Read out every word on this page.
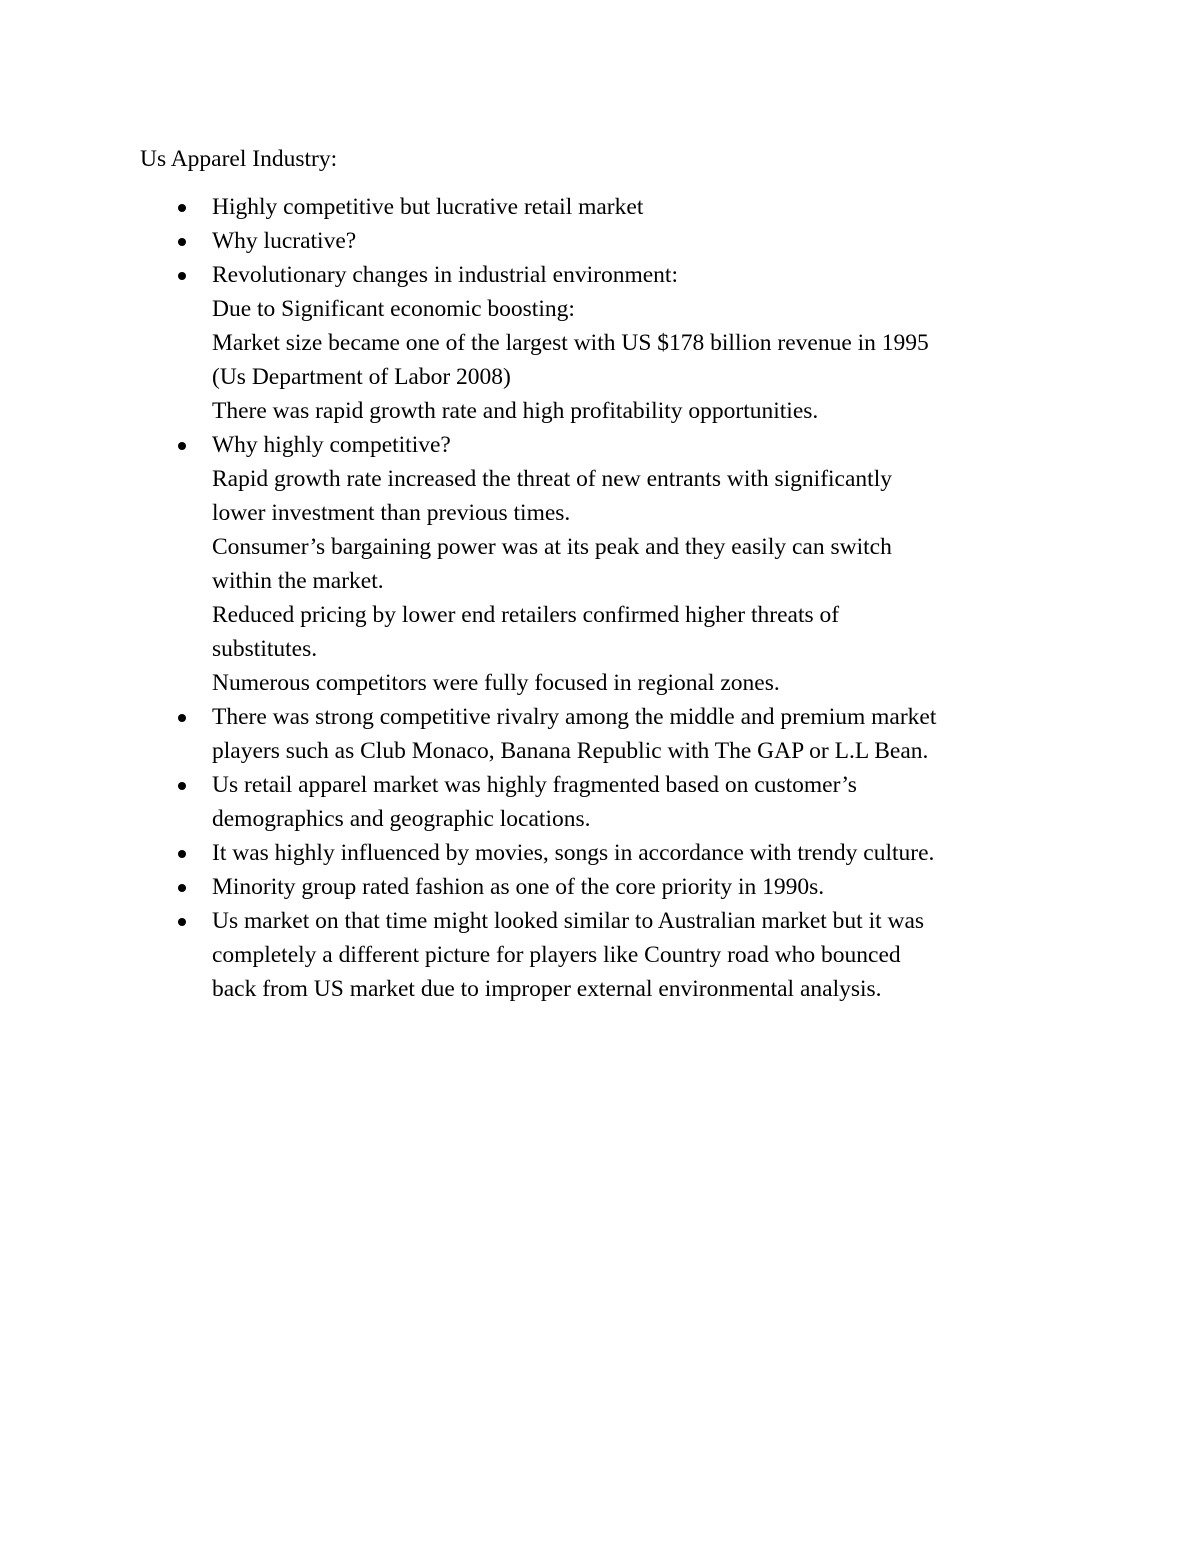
Us Apparel Industry:
Highly competitive but lucrative retail market
Why lucrative?
Revolutionary changes in industrial environment:
Due to Significant economic boosting:
Market size became one of the largest with US $178 billion revenue in 1995
(Us Department of Labor 2008)
There was rapid growth rate and high profitability opportunities.
Why highly competitive?
Rapid growth rate increased the threat of new entrants with significantly
lower investment than previous times.
Consumer’s bargaining power was at its peak and they easily can switch
within the market.
Reduced pricing by lower end retailers confirmed higher threats of
substitutes.
Numerous competitors were fully focused in regional zones.
There was strong competitive rivalry among the middle and premium market
players such as Club Monaco, Banana Republic with The GAP or L.L Bean.
Us retail apparel market was highly fragmented based on customer’s
demographics and geographic locations.
It was highly influenced by movies, songs in accordance with trendy culture.
Minority group rated fashion as one of the core priority in 1990s.
Us market on that time might looked similar to Australian market but it was
completely a different picture for players like Country road who bounced
back from US market due to improper external environmental analysis.
